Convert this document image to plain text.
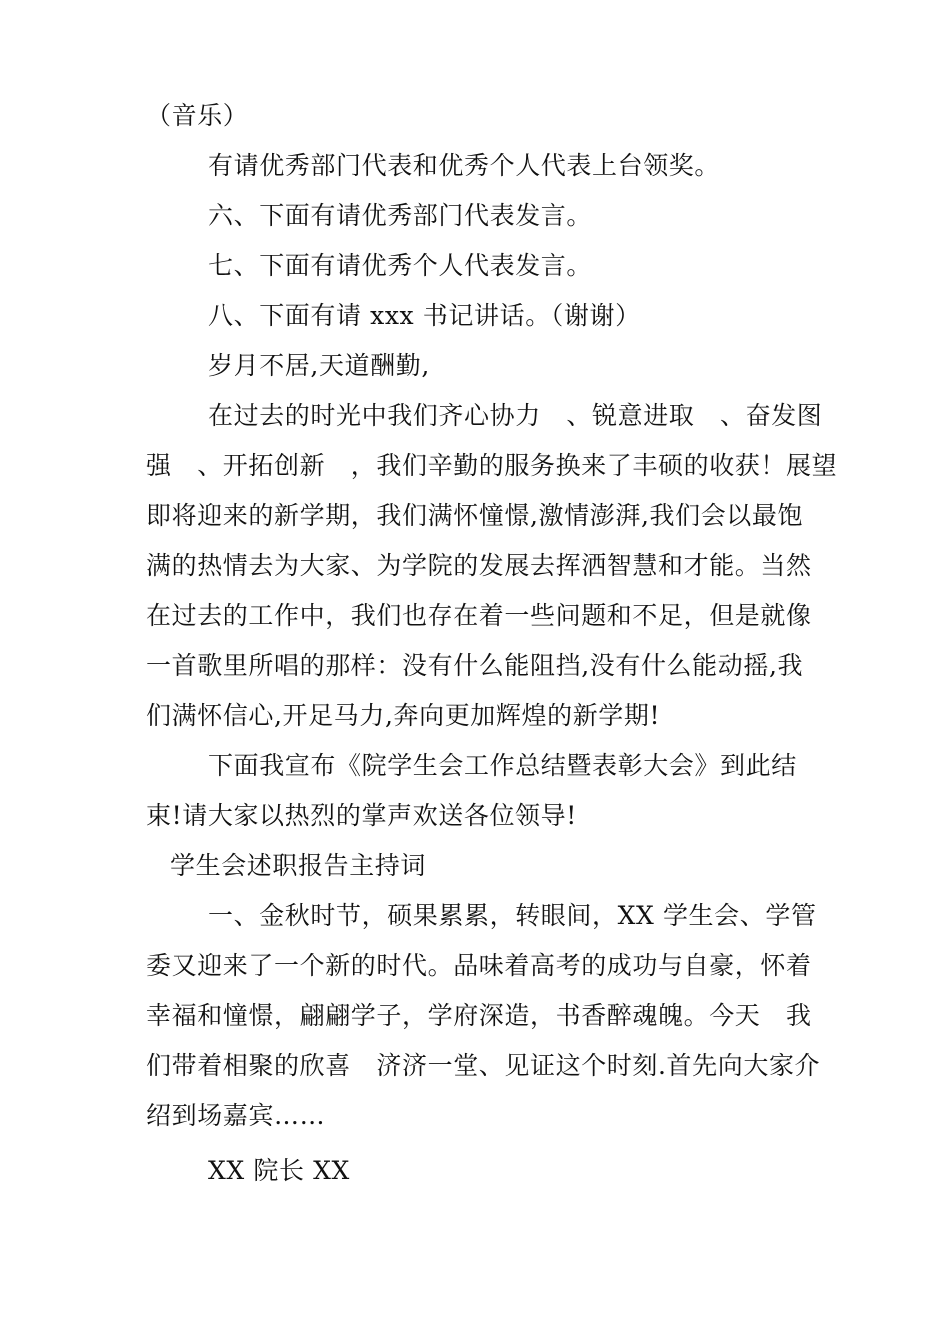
（音乐）
有请优秀部门代表和优秀个人代表上台领奖。
六、下面有请优秀部门代表发言。
七、下面有请优秀个人代表发言。
八、下面有请 xxx 书记讲话。（谢谢）
岁月不居,天道酬勤,
在过去的时光中我们齐心协力　、锐意进取　、奋发图
强　、开拓创新　，我们辛勤的服务换来了丰硕的收获！展望
即将迎来的新学期，我们满怀憧憬,激情澎湃,我们会以最饱
满的热情去为大家、为学院的发展去挥洒智慧和才能。当然
在过去的工作中，我们也存在着一些问题和不足，但是就像
一首歌里所唱的那样：没有什么能阻挡,没有什么能动摇,我
们满怀信心,开足马力,奔向更加辉煌的新学期!
下面我宣布《院学生会工作总结暨表彰大会》到此结
束!请大家以热烈的掌声欢送各位领导!
学生会述职报告主持词
一、金秋时节，硕果累累，转眼间，XX 学生会、学管
委又迎来了一个新的时代。品味着高考的成功与自豪，怀着
幸福和憧憬，翩翩学子，学府深造，书香醉魂魄。今天　我
们带着相聚的欣喜　济济一堂、见证这个时刻.首先向大家介
绍到场嘉宾……
XX 院长 XX
